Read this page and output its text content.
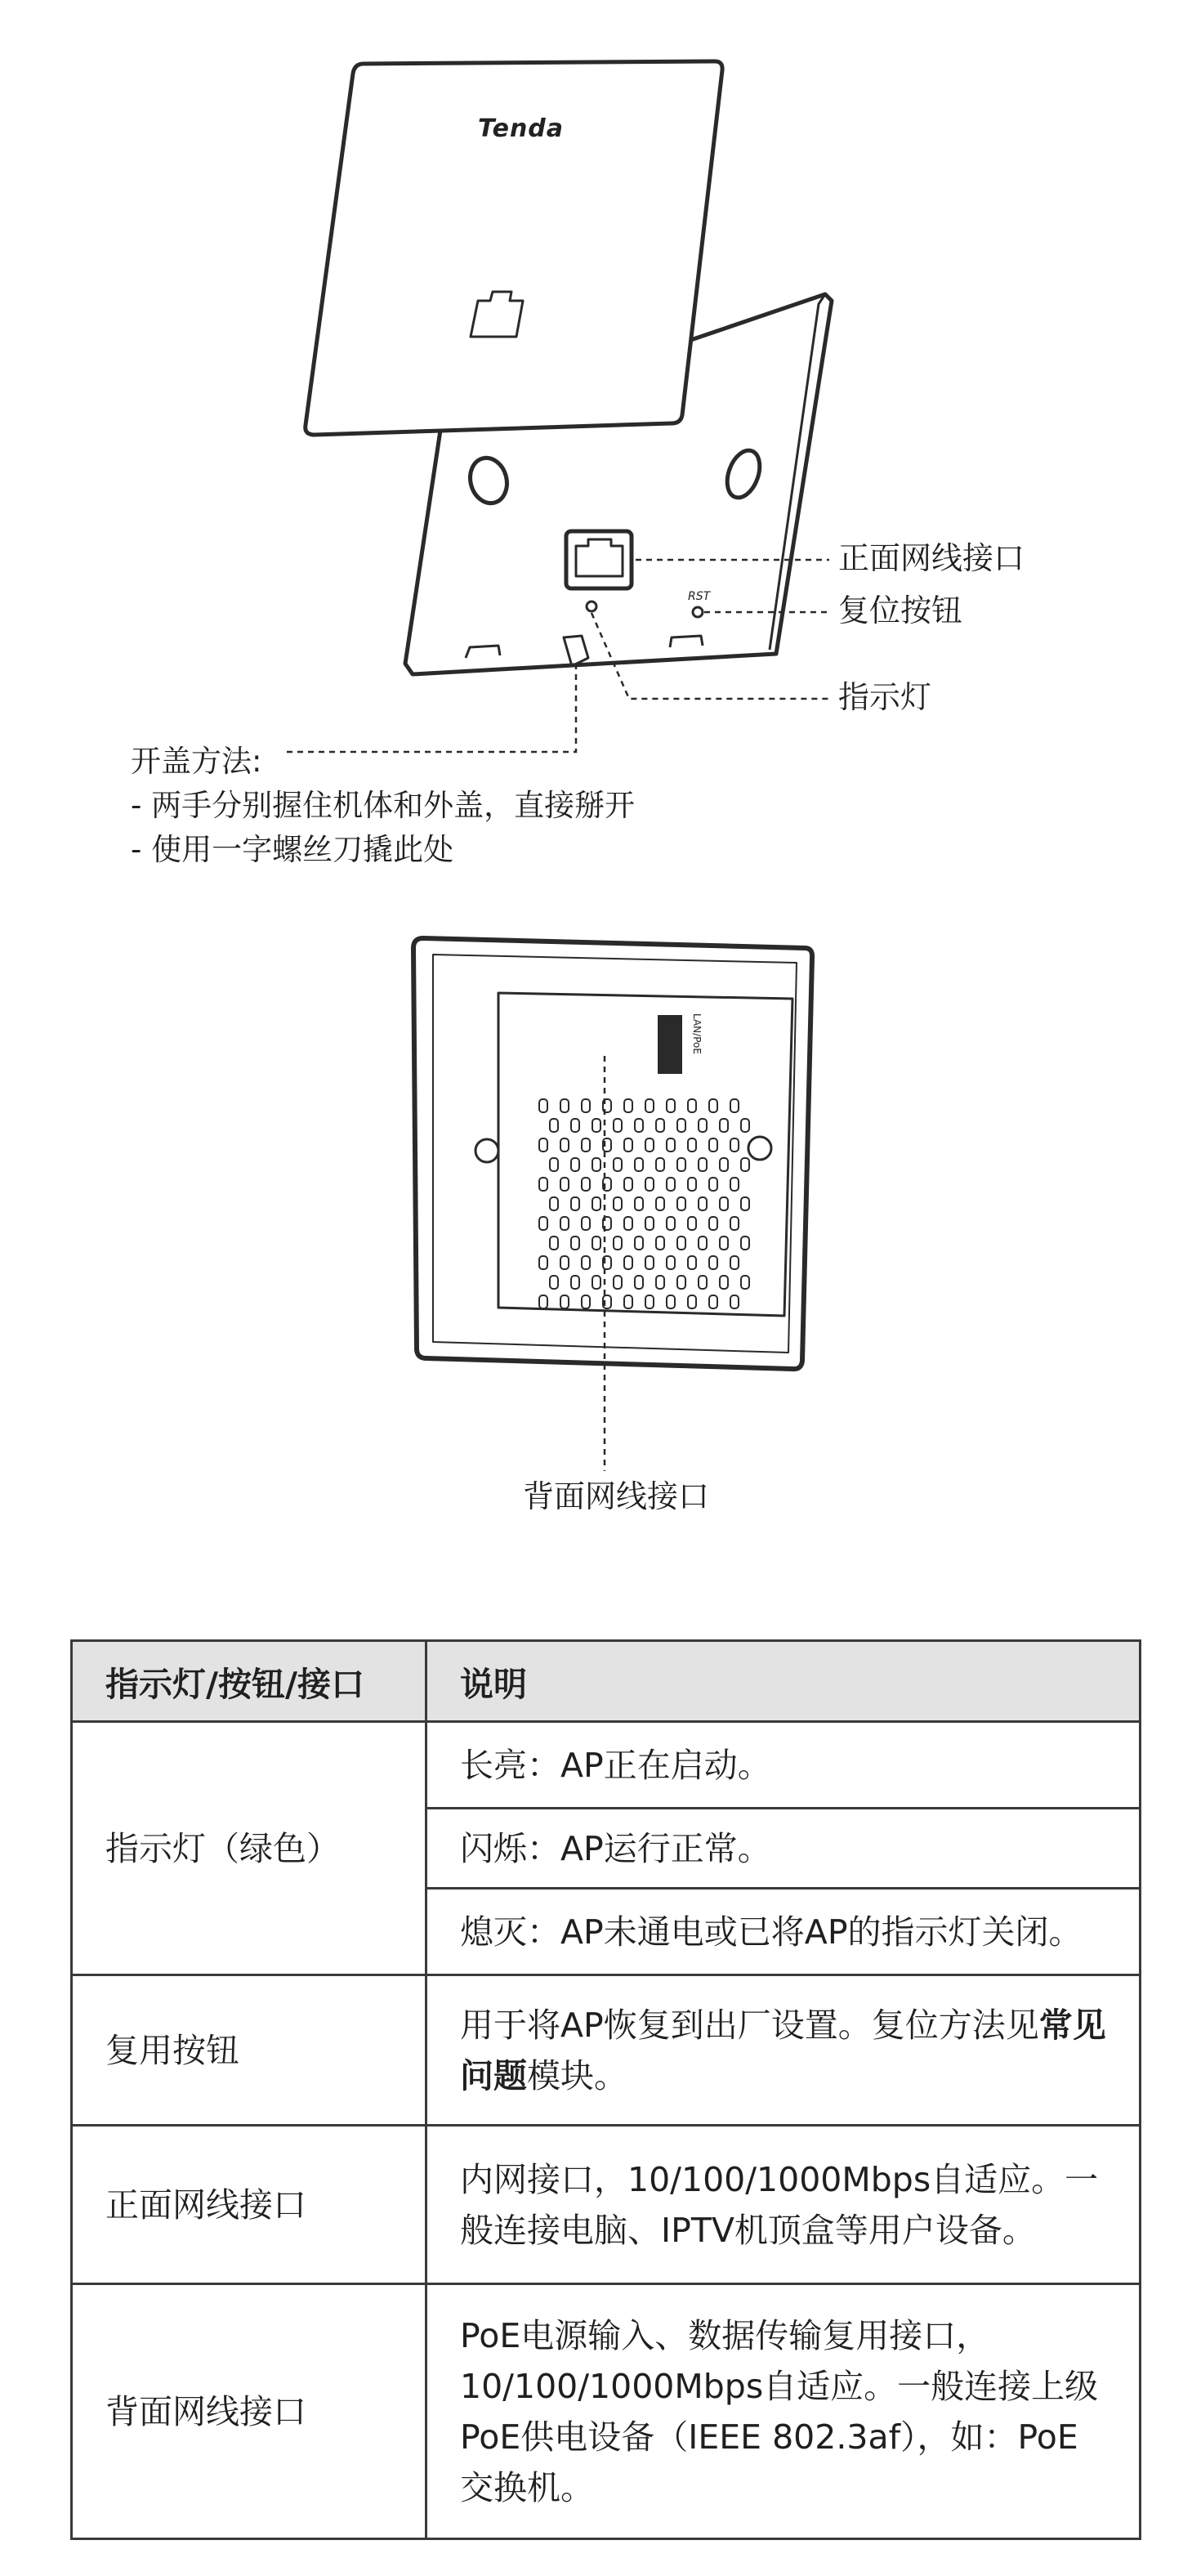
Tenda
RST
LAN/PoE
正面网线接口
复位按钮
指示灯
开盖方法:
- 两手分别握住机体和外盖，直接掰开
- 使用一字螺丝刀撬此处
背面网线接口
指示灯/按钮/接口	说明
指示灯（绿色）	长亮：AP正在启动。
	闪烁：AP运行正常。
	熄灭：AP未通电或已将AP的指示灯关闭。
复用按钮	用于将AP恢复到出厂设置。复位方法见常见问题模块。
正面网线接口	内网接口，10/100/1000Mbps自适应。一般连接电脑、IPTV机顶盒等用户设备。
背面网线接口	PoE电源输入、数据传输复用接口，10/100/1000Mbps自适应。一般连接上级PoE供电设备（IEEE 802.3af），如：PoE交换机。
